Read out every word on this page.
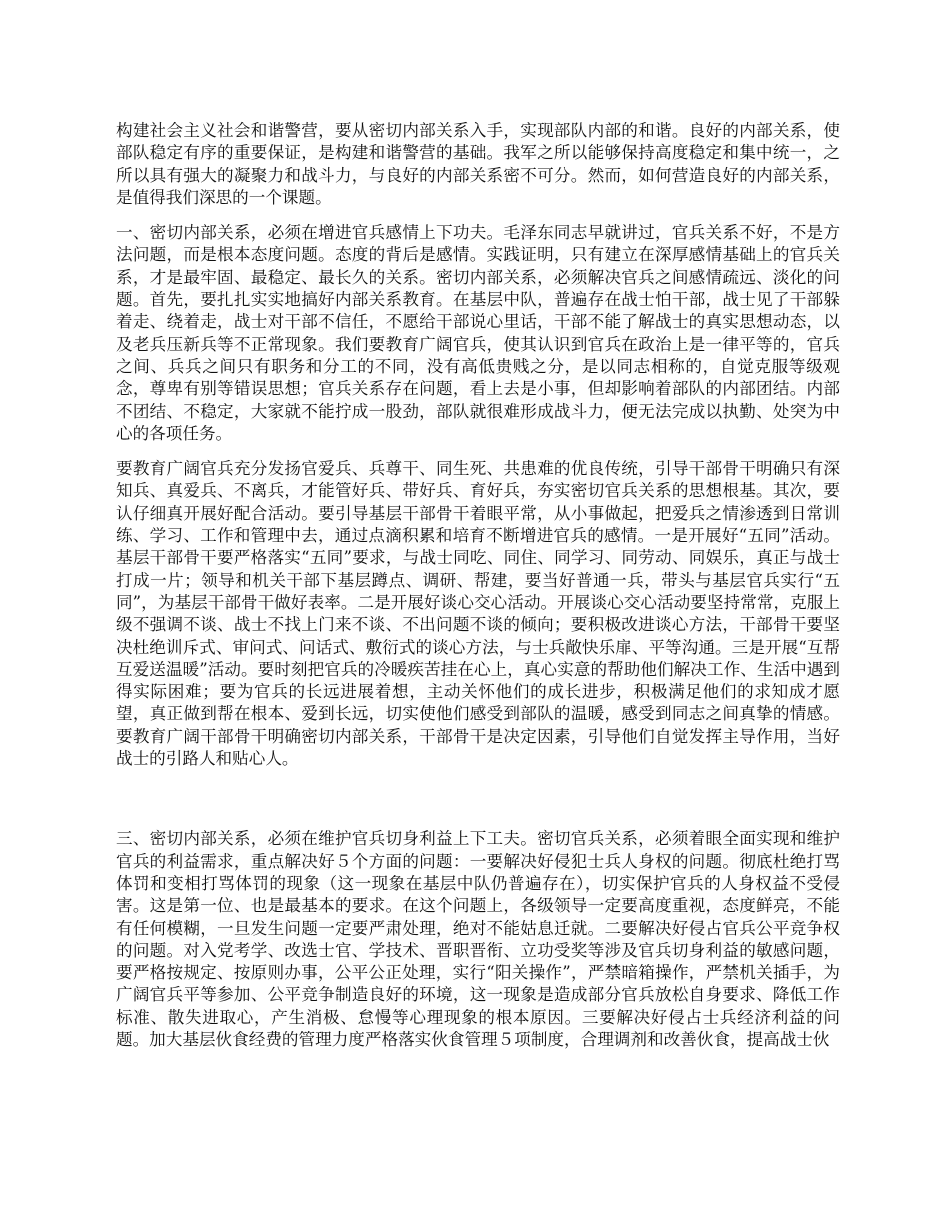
构建社会主义社会和谐警营，要从密切内部关系入手，实现部队内部的和谐。良好的内部关系，使部队稳定有序的重要保证，是构建和谐警营的基础。我军之所以能够保持高度稳定和集中统一，之所以具有强大的凝聚力和战斗力，与良好的内部关系密不可分。然而，如何营造良好的内部关系，是值得我们深思的一个课题。

一、密切内部关系，必须在增进官兵感情上下功夫。毛泽东同志早就讲过，官兵关系不好，不是方法问题，而是根本态度问题。态度的背后是感情。实践证明，只有建立在深厚感情基础上的官兵关系，才是最牢固、最稳定、最长久的关系。密切内部关系，必须解决官兵之间感情疏远、淡化的问题。首先，要扎扎实实地搞好内部关系教育。在基层中队，普遍存在战士怕干部，战士见了干部躲着走、绕着走，战士对干部不信任，不愿给干部说心里话，干部不能了解战士的真实思想动态，以及老兵压新兵等不正常现象。我们要教育广阔官兵，使其认识到官兵在政治上是一律平等的，官兵之间、兵兵之间只有职务和分工的不同，没有高低贵贱之分，是以同志相称的，自觉克服等级观念，尊卑有别等错误思想；官兵关系存在问题，看上去是小事，但却影响着部队的内部团结。内部不团结、不稳定，大家就不能拧成一股劲，部队就很难形成战斗力，便无法完成以执勤、处突为中心的各项任务。

要教育广阔官兵充分发扬官爱兵、兵尊干、同生死、共患难的优良传统，引导干部骨干明确只有深知兵、真爱兵、不离兵，才能管好兵、带好兵、育好兵，夯实密切官兵关系的思想根基。其次，要认仔细真开展好配合活动。要引导基层干部骨干着眼平常，从小事做起，把爱兵之情渗透到日常训练、学习、工作和管理中去，通过点滴积累和培育不断增进官兵的感情。一是开展好“五同”活动。基层干部骨干要严格落实“五同”要求，与战士同吃、同住、同学习、同劳动、同娱乐，真正与战士打成一片；领导和机关干部下基层蹲点、调研、帮建，要当好普通一兵，带头与基层官兵实行“五同”，为基层干部骨干做好表率。二是开展好谈心交心活动。开展谈心交心活动要坚持常常，克服上级不强调不谈、战士不找上门来不谈、不出问题不谈的倾向；要积极改进谈心方法，干部骨干要坚决杜绝训斥式、审问式、问话式、敷衍式的谈心方法，与士兵敞快乐扉、平等沟通。三是开展“互帮互爱送温暖”活动。要时刻把官兵的冷暖疾苦挂在心上，真心实意的帮助他们解决工作、生活中遇到得实际困难；要为官兵的长远进展着想，主动关怀他们的成长进步，积极满足他们的求知成才愿望，真正做到帮在根本、爱到长远，切实使他们感受到部队的温暖，感受到同志之间真挚的情感。要教育广阔干部骨干明确密切内部关系，干部骨干是决定因素，引导他们自觉发挥主导作用，当好战士的引路人和贴心人。

三、密切内部关系，必须在维护官兵切身利益上下工夫。密切官兵关系，必须着眼全面实现和维护官兵的利益需求，重点解决好５个方面的问题：一要解决好侵犯士兵人身权的问题。彻底杜绝打骂体罚和变相打骂体罚的现象（这一现象在基层中队仍普遍存在），切实保护官兵的人身权益不受侵害。这是第一位、也是最基本的要求。在这个问题上，各级领导一定要高度重视，态度鲜亮，不能有任何模糊，一旦发生问题一定要严肃处理，绝对不能姑息迁就。二要解决好侵占官兵公平竞争权的问题。对入党考学、改选士官、学技术、晋职晋衔、立功受奖等涉及官兵切身利益的敏感问题，要严格按规定、按原则办事，公平公正处理，实行“阳关操作”，严禁暗箱操作，严禁机关插手，为广阔官兵平等参加、公平竞争制造良好的环境，这一现象是造成部分官兵放松自身要求、降低工作标准、散失进取心，产生消极、怠慢等心理现象的根本原因。三要解决好侵占士兵经济利益的问题。加大基层伙食经费的管理力度严格落实伙食管理５项制度，合理调剂和改善伙食，提高战士伙
